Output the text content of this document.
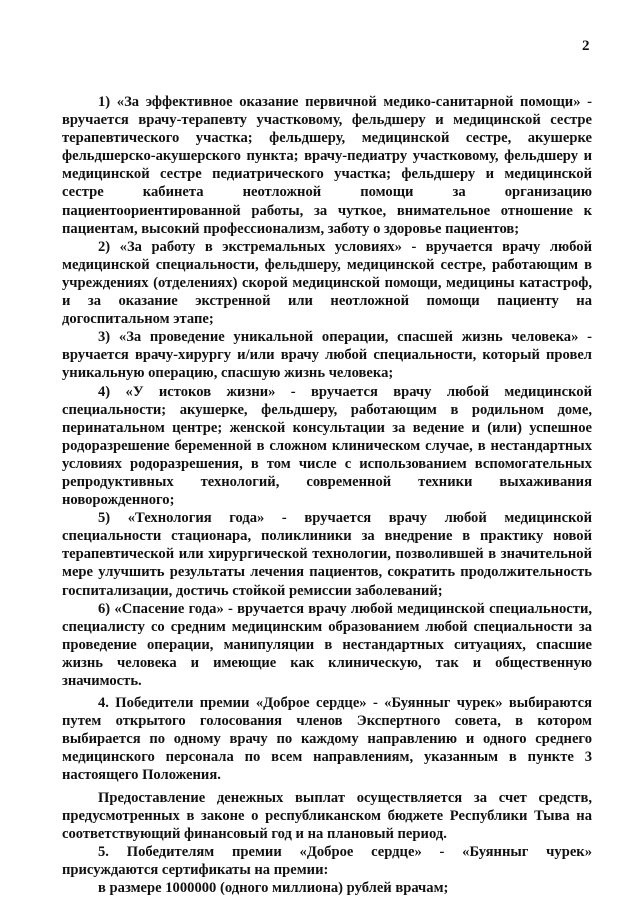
2

1) «За эффективное оказание первичной медико-санитарной помощи» - вручается врачу-терапевту участковому, фельдшеру и медицинской сестре терапевтического участка; фельдшеру, медицинской сестре, акушерке фельдшерско-акушерского пункта; врачу-педиатру участковому, фельдшеру и медицинской сестре педиатрического участка; фельдшеру и медицинской сестре кабинета неотложной помощи за организацию пациентоориентированной работы, за чуткое, внимательное отношение к пациентам, высокий профессионализм, заботу о здоровье пациентов;

2) «За работу в экстремальных условиях» - вручается врачу любой медицинской специальности, фельдшеру, медицинской сестре, работающим в учреждениях (отделениях) скорой медицинской помощи, медицины катастроф, и за оказание экстренной или неотложной помощи пациенту на догоспитальном этапе;

3) «За проведение уникальной операции, спасшей жизнь человека» - вручается врачу-хирургу и/или врачу любой специальности, который провел уникальную операцию, спасшую жизнь человека;

4) «У истоков жизни» - вручается врачу любой медицинской специальности; акушерке, фельдшеру, работающим в родильном доме, перинатальном центре; женской консультации за ведение и (или) успешное родоразрешение беременной в сложном клиническом случае, в нестандартных условиях родоразрешения, в том числе с использованием вспомогательных репродуктивных технологий, современной техники выхаживания новорожденного;

5) «Технология года» - вручается врачу любой медицинской специальности стационара, поликлиники за внедрение в практику новой терапевтической или хирургической технологии, позволившей в значительной мере улучшить результаты лечения пациентов, сократить продолжительность госпитализации, достичь стойкой ремиссии заболеваний;

6) «Спасение года» - вручается врачу любой медицинской специальности, специалисту со средним медицинским образованием любой специальности за проведение операции, манипуляции в нестандартных ситуациях, спасшие жизнь человека и имеющие как клиническую, так и общественную значимость.

4. Победители премии «Доброе сердце» - «Буянныг чурек» выбираются путем открытого голосования членов Экспертного совета, в котором выбирается по одному врачу по каждому направлению и одного среднего медицинского персонала по всем направлениям, указанным в пункте 3 настоящего Положения.

Предоставление денежных выплат осуществляется за счет средств, предусмотренных в законе о республиканском бюджете Республики Тыва на соответствующий финансовый год и на плановый период.

5. Победителям премии «Доброе сердце» - «Буянныг чурек» присуждаются сертификаты на премии:

в размере 1000000 (одного миллиона) рублей врачам;
